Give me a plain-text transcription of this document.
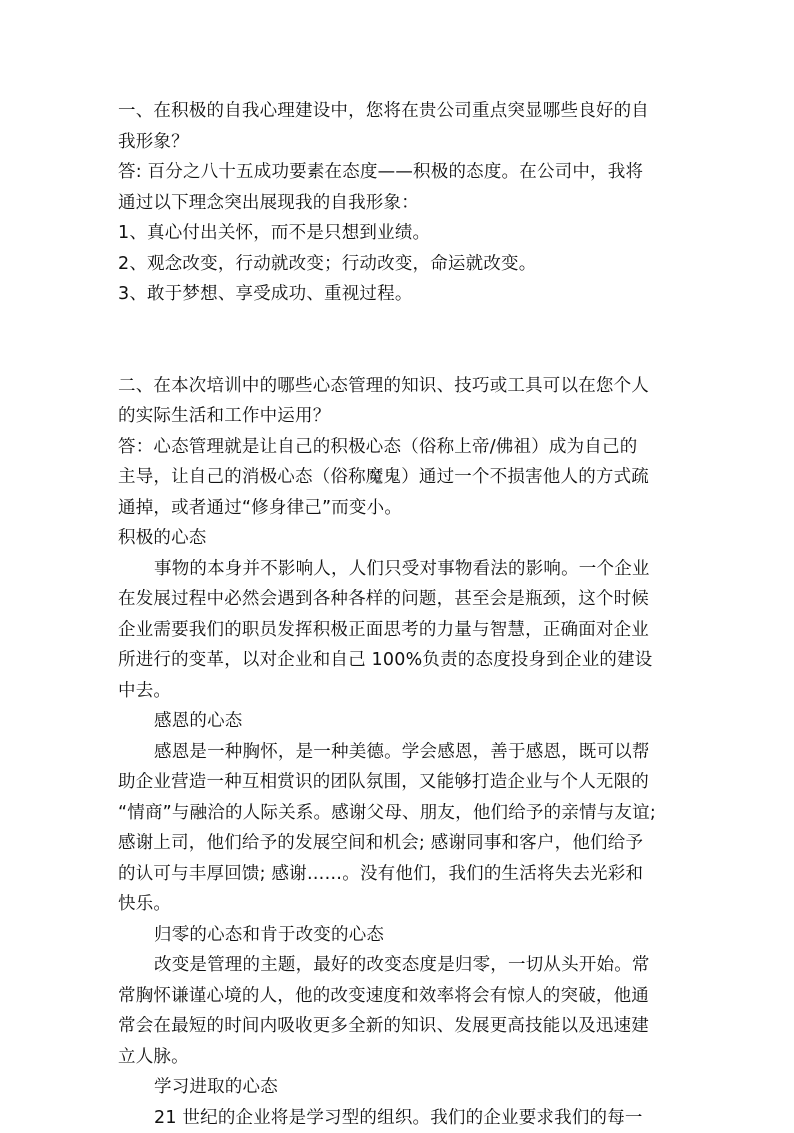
一、在积极的自我心理建设中，您将在贵公司重点突显哪些良好的自
我形象？
答: 百分之八十五成功要素在态度——积极的态度。在公司中，我将
通过以下理念突出展现我的自我形象：
1、真心付出关怀，而不是只想到业绩。
2、观念改变，行动就改变；行动改变，命运就改变。
3、敢于梦想、享受成功、重视过程。
二、在本次培训中的哪些心态管理的知识、技巧或工具可以在您个人
的实际生活和工作中运用？
答：心态管理就是让自己的积极心态（俗称上帝/佛祖）成为自己的
主导，让自己的消极心态（俗称魔鬼）通过一个不损害他人的方式疏
通掉，或者通过“修身律己”而变小。
积极的心态
事物的本身并不影响人，人们只受对事物看法的影响。一个企业
在发展过程中必然会遇到各种各样的问题，甚至会是瓶颈，这个时候
企业需要我们的职员发挥积极正面思考的力量与智慧，正确面对企业
所进行的变革，以对企业和自己 100%负责的态度投身到企业的建设
中去。
感恩的心态
感恩是一种胸怀，是一种美德。学会感恩，善于感恩，既可以帮
助企业营造一种互相赏识的团队氛围，又能够打造企业与个人无限的
“情商”与融洽的人际关系。感谢父母、朋友，他们给予的亲情与友谊;
感谢上司，他们给予的发展空间和机会; 感谢同事和客户，他们给予
的认可与丰厚回馈; 感谢……。没有他们，我们的生活将失去光彩和
快乐。
归零的心态和肯于改变的心态
改变是管理的主题，最好的改变态度是归零，一切从头开始。常
常胸怀谦谨心境的人，他的改变速度和效率将会有惊人的突破，他通
常会在最短的时间内吸收更多全新的知识、发展更高技能以及迅速建
立人脉。
学习进取的心态
21 世纪的企业将是学习型的组织。我们的企业要求我们的每一
